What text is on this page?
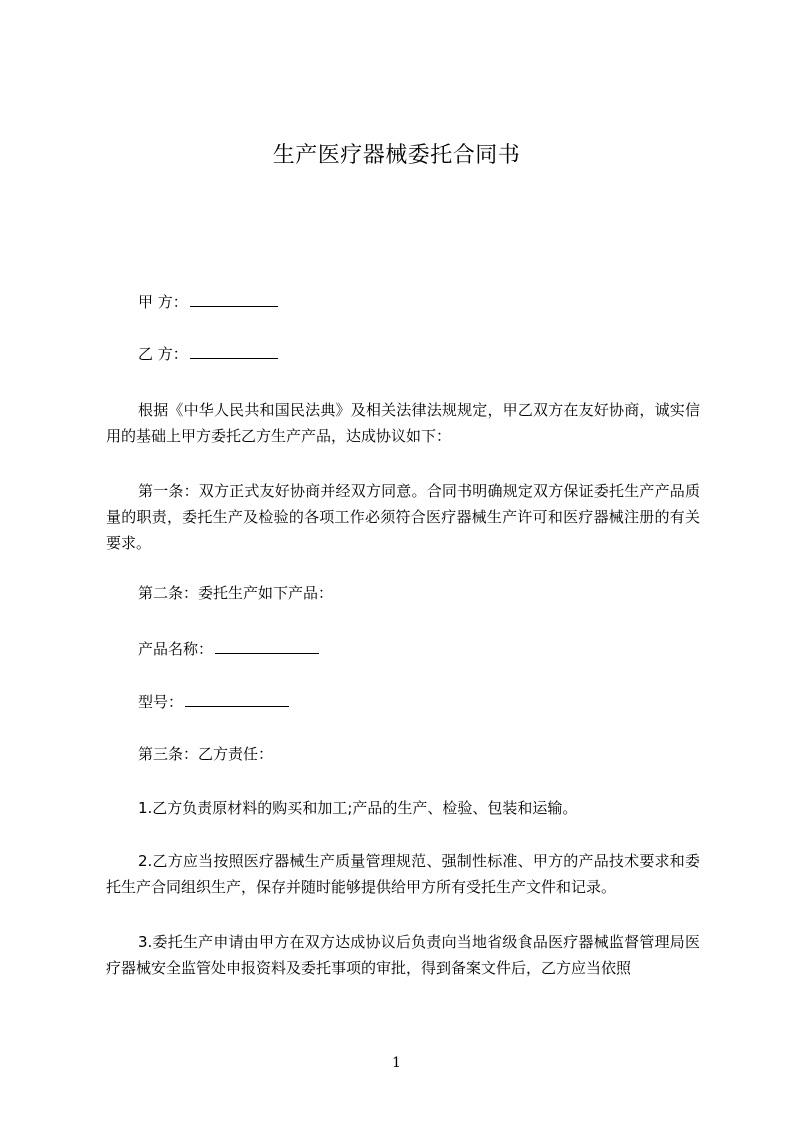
生产医疗器械委托合同书
甲 方：
乙 方：
根据《中华人民共和国民法典》及相关法律法规规定，甲乙双方在友好协商，诚实信用的基础上甲方委托乙方生产产品，达成协议如下：
第一条：双方正式友好协商并经双方同意。合同书明确规定双方保证委托生产产品质量的职责，委托生产及检验的各项工作必须符合医疗器械生产许可和医疗器械注册的有关要求。
第二条：委托生产如下产品：
产品名称：
型号：
第三条：乙方责任：
1.乙方负责原材料的购买和加工;产品的生产、检验、包装和运输。
2.乙方应当按照医疗器械生产质量管理规范、强制性标准、甲方的产品技术要求和委托生产合同组织生产，保存并随时能够提供给甲方所有受托生产文件和记录。
3.委托生产申请由甲方在双方达成协议后负责向当地省级食品医疗器械监督管理局医疗器械安全监管处申报资料及委托事项的审批，得到备案文件后，乙方应当依照
1
